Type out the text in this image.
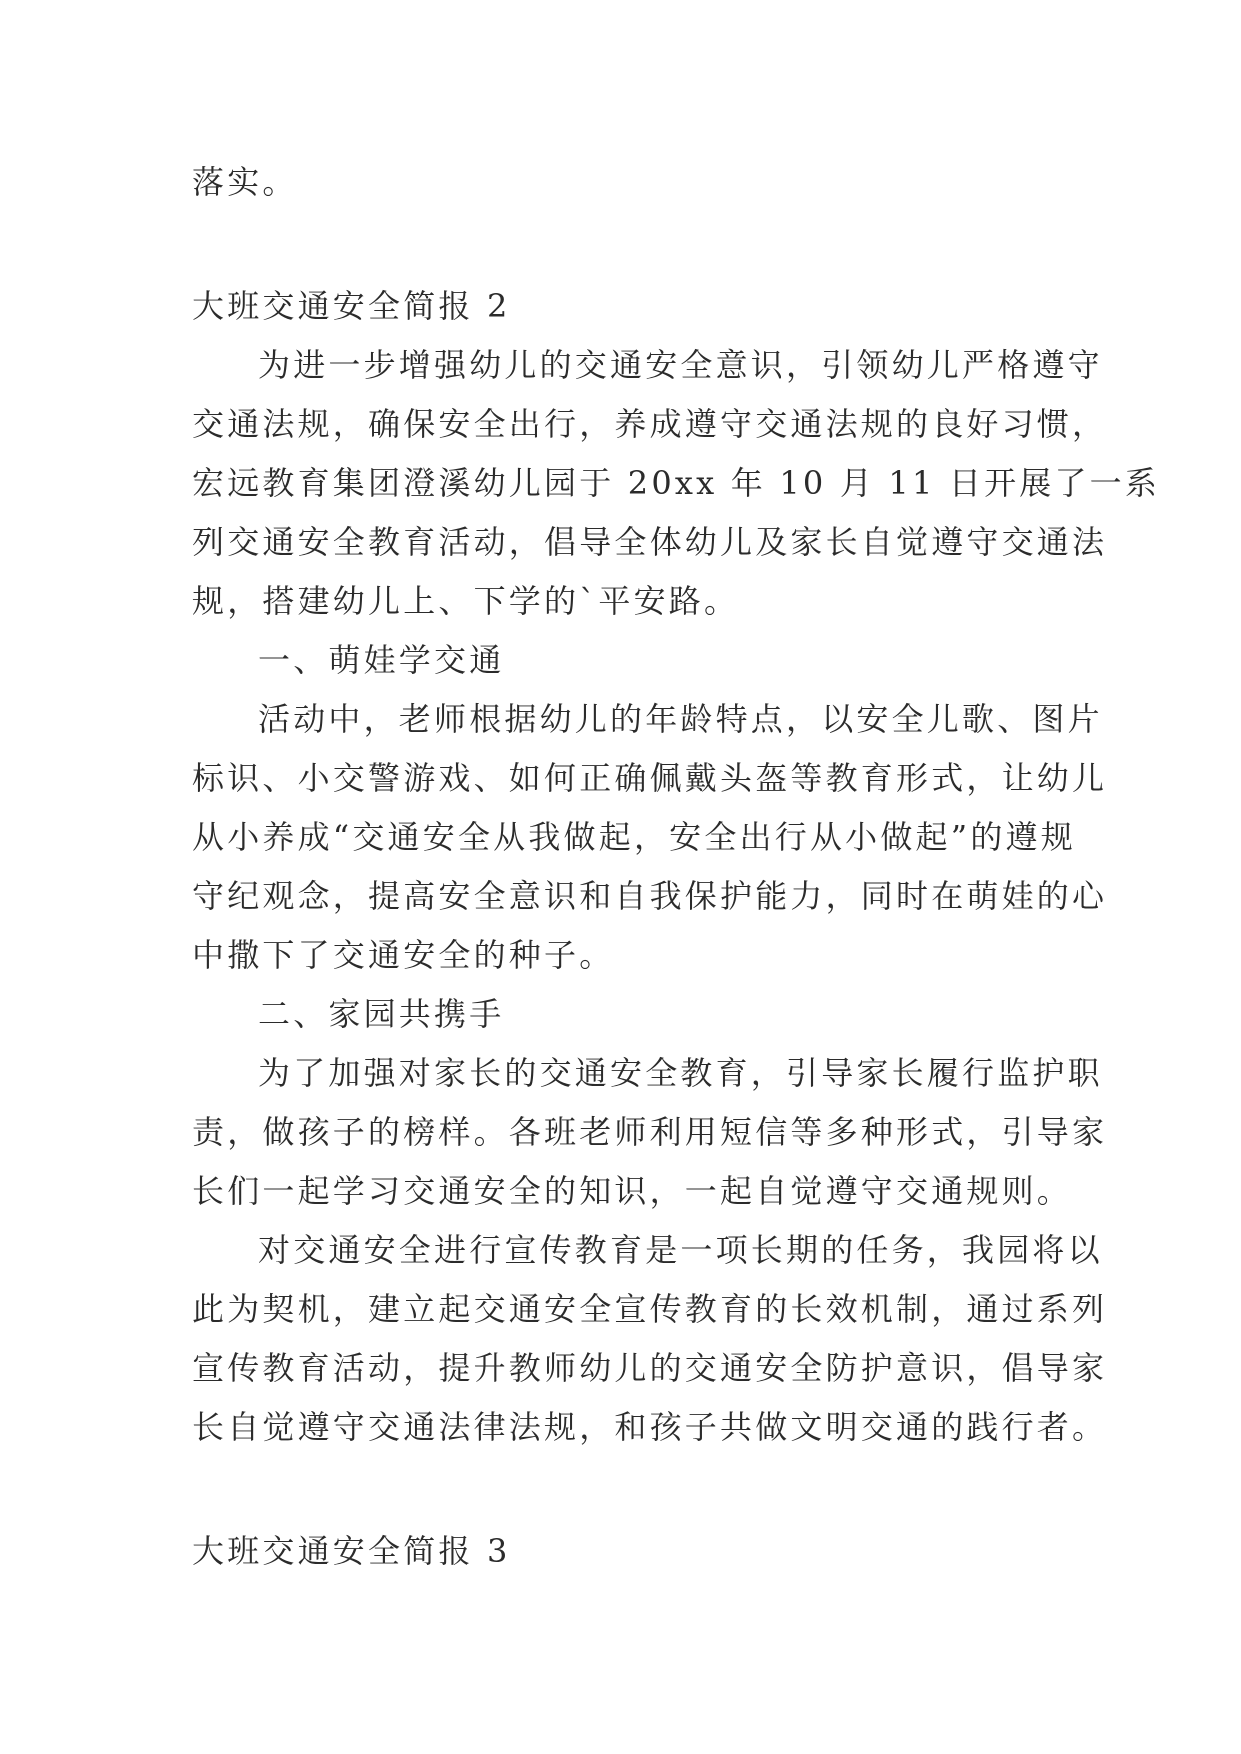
落实。
大班交通安全简报 2
为进一步增强幼儿的交通安全意识，引领幼儿严格遵守
交通法规，确保安全出行，养成遵守交通法规的良好习惯，
宏远教育集团澄溪幼儿园于 20xx 年 10 月 11 日开展了一系
列交通安全教育活动，倡导全体幼儿及家长自觉遵守交通法
规，搭建幼儿上、下学的`平安路。
一、萌娃学交通
活动中，老师根据幼儿的年龄特点，以安全儿歌、图片
标识、小交警游戏、如何正确佩戴头盔等教育形式，让幼儿
从小养成“交通安全从我做起，安全出行从小做起”的遵规
守纪观念，提高安全意识和自我保护能力，同时在萌娃的心
中撒下了交通安全的种子。
二、家园共携手
为了加强对家长的交通安全教育，引导家长履行监护职
责，做孩子的榜样。各班老师利用短信等多种形式，引导家
长们一起学习交通安全的知识，一起自觉遵守交通规则。
对交通安全进行宣传教育是一项长期的任务，我园将以
此为契机，建立起交通安全宣传教育的长效机制，通过系列
宣传教育活动，提升教师幼儿的交通安全防护意识，倡导家
长自觉遵守交通法律法规，和孩子共做文明交通的践行者。
大班交通安全简报 3
